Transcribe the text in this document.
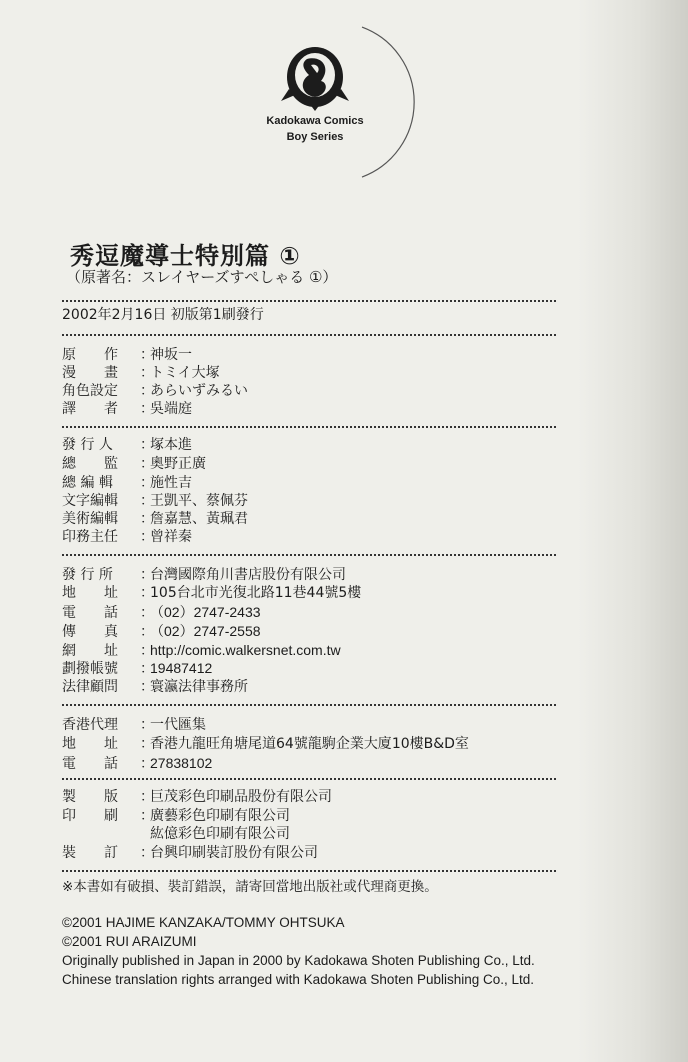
Kadokawa Comics
Boy Series
秀逗魔導士特別篇 ①
（原著名：スレイヤーズすぺしゃる ①）
2002年2月16日 初版第1刷發行
原　　作 ：神坂一
漫　　畫 ：トミイ大塚
角色設定 ：あらいずみるい
譯　　者 ：吳端庭
發 行 人 ：塚本進
總　　監 ：奧野正廣
總 編 輯 ：施性吉
文字編輯 ：王凱平、蔡佩芬
美術編輯 ：詹嘉慧、黃珮君
印務主任 ：曾祥秦
發 行 所 ：台灣國際角川書店股份有限公司
地　　址 ：105台北市光復北路11巷44號5樓
電　　話 ：（02）2747-2433
傳　　真 ：（02）2747-2558
網　　址 ：http://comic.walkersnet.com.tw
劃撥帳號 ：19487412
法律顧問 ：寰瀛法律事務所
香港代理 ：一代匯集
地　　址 ：香港九龍旺角塘尾道64號龍駒企業大廈10樓B&D室
電　　話 ：27838102
製　　版 ：巨茂彩色印刷品股份有限公司
印　　刷 ：廣藝彩色印刷有限公司
紘億彩色印刷有限公司
裝　　訂 ：台興印刷裝訂股份有限公司
※本書如有破損、裝訂錯誤，請寄回當地出版社或代理商更換。
©2001 HAJIME KANZAKA/TOMMY OHTSUKA
©2001 RUI ARAIZUMI
Originally published in Japan in 2000 by Kadokawa Shoten Publishing Co., Ltd.
Chinese translation rights arranged with Kadokawa Shoten Publishing Co., Ltd.
